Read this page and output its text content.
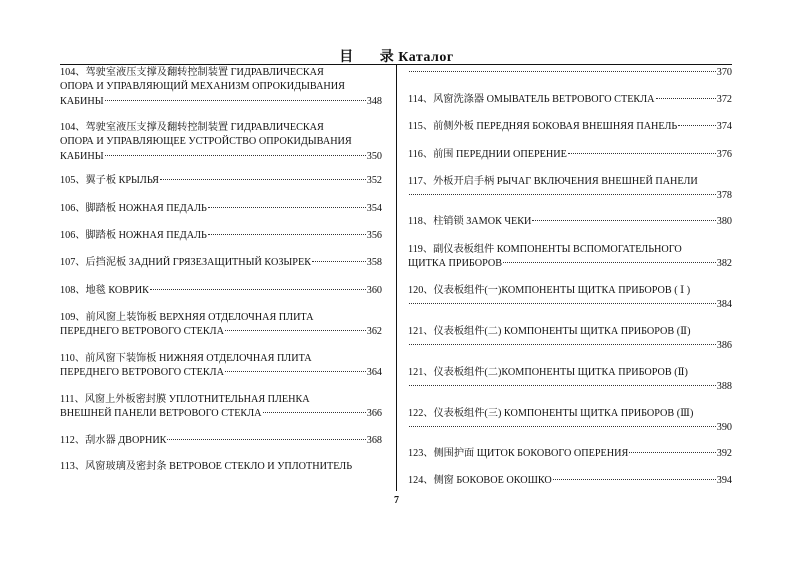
目 录 Каталог
104、驾驶室液压支撑及翻转控制装置 ГИДРАВЛИЧЕСКАЯ
ОПОРА И УПРАВЛЯЮЩИЙ МЕХАНИЗМ ОПРОКИДЫВАНИЯ
КАБИНЫ	348
104、驾驶室液压支撑及翻转控制装置 ГИДРАВЛИЧЕСКАЯ
ОПОРА И УПРАВЛЯЮЩЕЕ УСТРОЙСТВО ОПРОКИДЫВАНИЯ
КАБИНЫ	350
105、翼子板 КРЫЛЬЯ	352
106、脚踏板 НОЖНАЯ ПЕДАЛЬ	354
106、脚踏板 НОЖНАЯ ПЕДАЛЬ	356
107、后挡泥板 ЗАДНИЙ ГРЯЗЕЗАЩИТНЫЙ КОЗЫРЕК	358
108、地毯 КОВРИК	360
109、前风窗上装饰板 ВЕРХНЯЯ ОТДЕЛОЧНАЯ ПЛИТА
ПЕРЕДНЕГО ВЕТРОВОГО СТЕКЛА	362
110、前风窗下装饰板 НИЖНЯЯ ОТДЕЛОЧНАЯ ПЛИТА
ПЕРЕДНЕГО ВЕТРОВОГО СТЕКЛА	364
111、风窗上外板密封膜 УПЛОТНИТЕЛЬНАЯ ПЛЕНКА
ВНЕШНЕЙ ПАНЕЛИ ВЕТРОВОГО СТЕКЛА	366
112、刮水器 ДВОРНИК	368
113、风窗玻璃及密封条 ВЕТРОВОЕ СТЕКЛО И УПЛОТНИТЕЛЬ
370
114、风窗洗涤器 ОМЫВАТЕЛЬ ВЕТРОВОГО СТЕКЛА	372
115、前侧外板 ПЕРЕДНЯЯ БОКОВАЯ ВНЕШНЯЯ ПАНЕЛЬ	374
116、前围 ПЕРЕДНИИ ОПЕРЕНИЕ	376
117、外板开启手柄 РЫЧАГ ВКЛЮЧЕНИЯ ВНЕШНЕЙ ПАНЕЛИ
378
118、柱销锁 ЗАМОК ЧЕКИ	380
119、副仪表板组件 КОМПОНЕНТЫ ВСПОМОГАТЕЛЬНОГО
ЩИТКА ПРИБОРОВ	382
120、仪表板组件(一)КОМПОНЕНТЫ ЩИТКА ПРИБОРОВ ( Ⅰ )
384
121、仪表板组件(二) КОМПОНЕНТЫ ЩИТКА ПРИБОРОВ (Ⅱ)
386
121、仪表板组件(二)КОМПОНЕНТЫ ЩИТКА ПРИБОРОВ (Ⅱ)
388
122、仪表板组件(三) КОМПОНЕНТЫ ЩИТКА ПРИБОРОВ (Ⅲ)
390
123、侧围护面 ЩИТОК БОКОВОГО ОПЕРЕНИЯ	392
124、侧窗 БОКОВОЕ ОКОШКО	394
7
